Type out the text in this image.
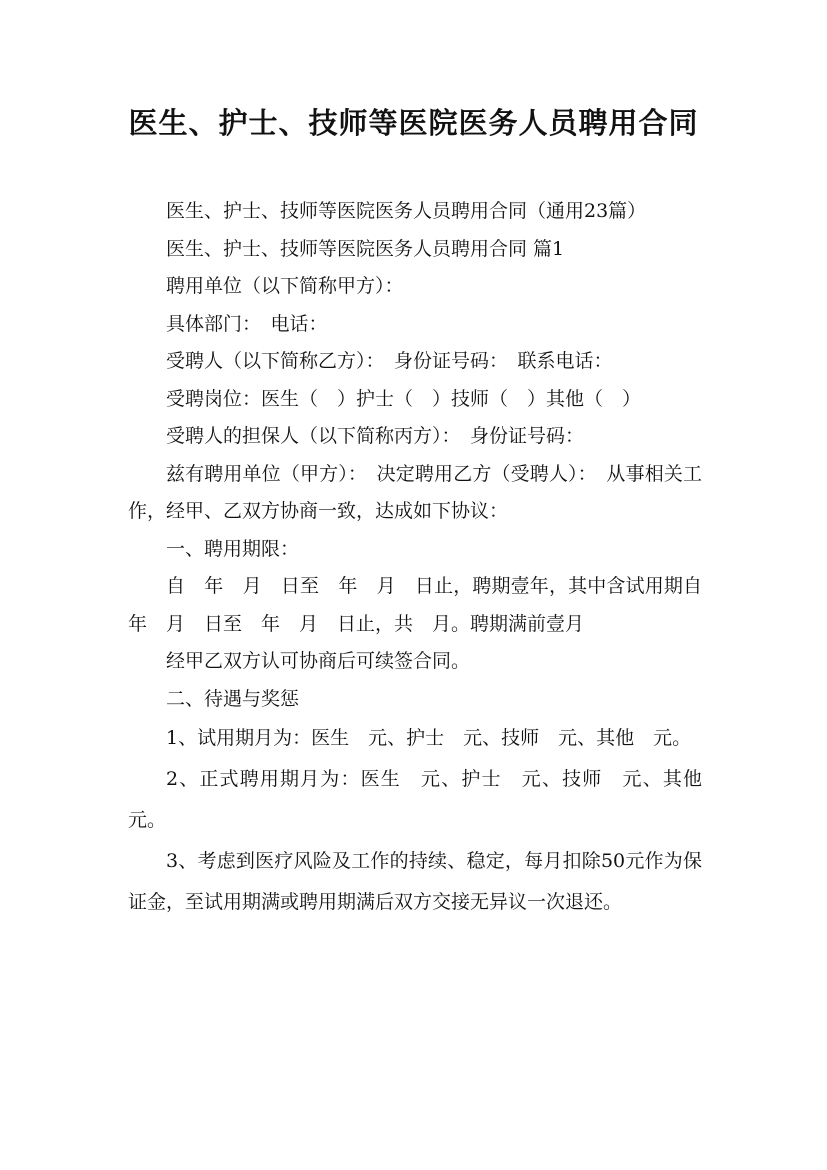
医生、护士、技师等医院医务人员聘用合同

医生、护士、技师等医院医务人员聘用合同（通用23篇）

医生、护士、技师等医院医务人员聘用合同 篇1

聘用单位（以下简称甲方）：

具体部门：　电话：

受聘人（以下简称乙方）：　身份证号码：　联系电话：

受聘岗位：医生（　）护士（　）技师（　）其他（　）

受聘人的担保人（以下简称丙方）：　身份证号码：

兹有聘用单位（甲方）：　决定聘用乙方（受聘人）：　从事相关工作，经甲、乙双方协商一致，达成如下协议：

一、聘用期限：

自　年　月　日至　年　月　日止，聘期壹年，其中含试用期自　年　月　日至　年　月　日止，共　月。聘期满前壹月

经甲乙双方认可协商后可续签合同。

二、待遇与奖惩

1、试用期月为：医生　元、护士　元、技师　元、其他　元。

2、正式聘用期月为：医生　元、护士　元、技师　元、其他　元。

3、考虑到医疗风险及工作的持续、稳定，每月扣除50元作为保证金，至试用期满或聘用期满后双方交接无异议一次退还。
